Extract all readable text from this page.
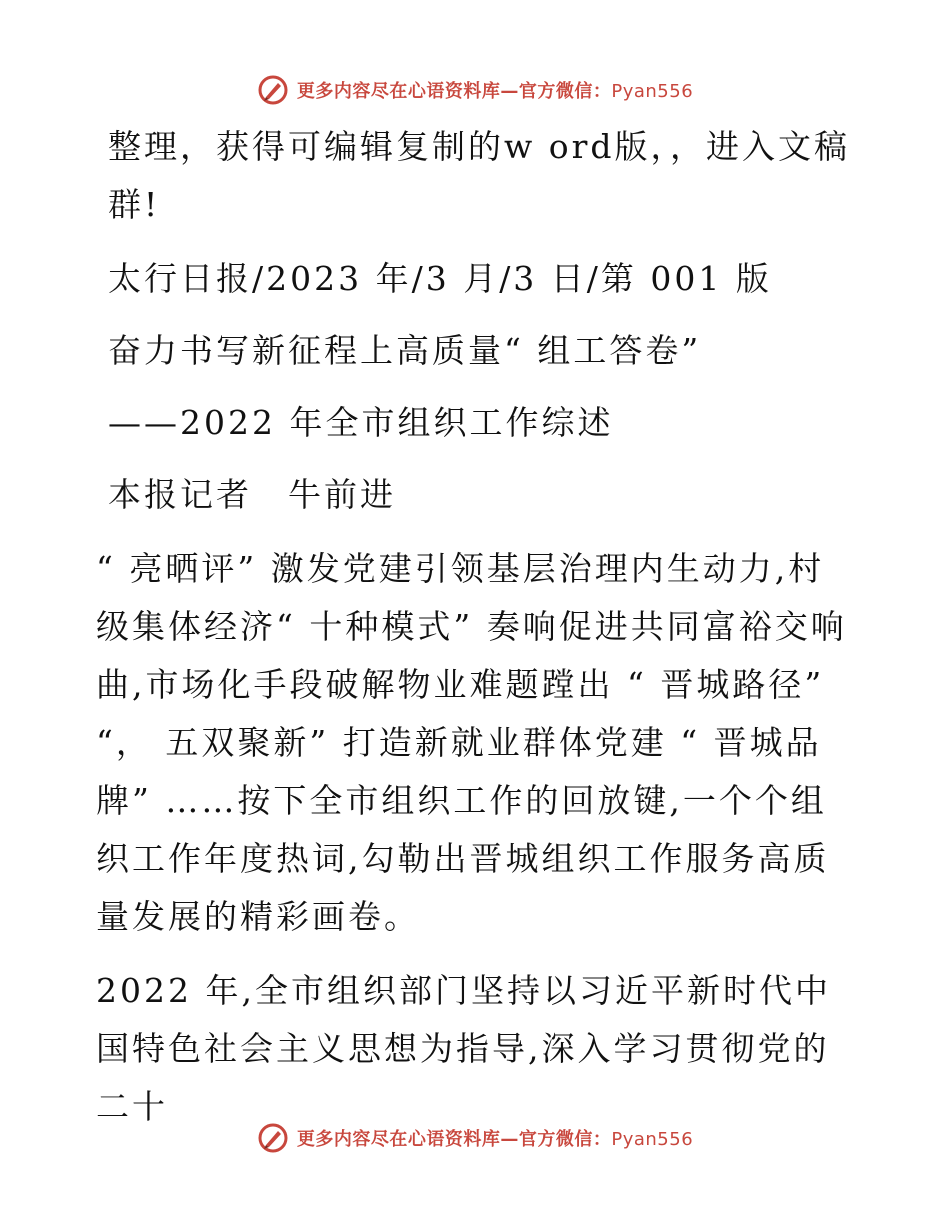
更多内容尽在心语资料库—官方微信：Pyan556

整理，获得可编辑复制的w ord版，，进入文稿群!

太行日报/2023 年/3 月/3 日/第 001 版

奋力书写新征程上高质量“ 组工答卷”

——2022 年全市组织工作综述

本报记者　牛前进

“ 亮晒评” 激发党建引领基层治理内生动力,村级集体经济“ 十种模式” 奏响促进共同富裕交响曲,市场化手段破解物业难题蹚出 “ 晋城路径” “， 五双聚新” 打造新就业群体党建 “ 晋城品牌” ……按下全市组织工作的回放键,一个个组织工作年度热词,勾勒出晋城组织工作服务高质量发展的精彩画卷。

2022 年,全市组织部门坚持以习近平新时代中国特色社会主义思想为指导,深入学习贯彻党的二十

更多内容尽在心语资料库—官方微信：Pyan556
